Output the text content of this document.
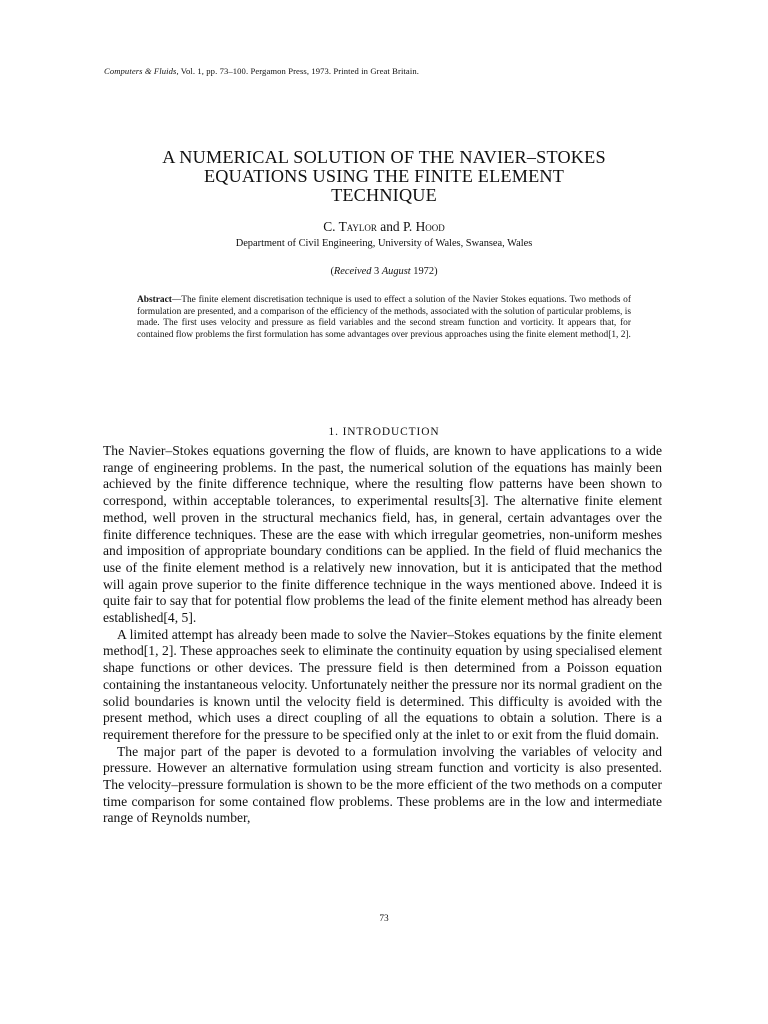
Computers & Fluids, Vol. 1, pp. 73–100. Pergamon Press, 1973. Printed in Great Britain.
A NUMERICAL SOLUTION OF THE NAVIER–STOKES
EQUATIONS USING THE FINITE ELEMENT
TECHNIQUE
C. Taylor and P. Hood
Department of Civil Engineering, University of Wales, Swansea, Wales
(Received 3 August 1972)
Abstract—The finite element discretisation technique is used to effect a solution of the Navier Stokes equations. Two methods of formulation are presented, and a comparison of the efficiency of the methods, associated with the solution of particular problems, is made. The first uses velocity and pressure as field variables and the second stream function and vorticity. It appears that, for contained flow problems the first formulation has some advantages over previous approaches using the finite element method[1, 2].
1. INTRODUCTION

The Navier–Stokes equations governing the flow of fluids, are known to have applications to a wide range of engineering problems. In the past, the numerical solution of the equations has mainly been achieved by the finite difference technique, where the resulting flow patterns have been shown to correspond, within acceptable tolerances, to experimental results[3]. The alternative finite element method, well proven in the structural mechanics field, has, in general, certain advantages over the finite difference techniques. These are the ease with which irregular geometries, non-uniform meshes and imposition of appropriate boundary conditions can be applied. In the field of fluid mechanics the use of the finite element method is a relatively new innovation, but it is anticipated that the method will again prove superior to the finite difference technique in the ways mentioned above. Indeed it is quite fair to say that for potential flow problems the lead of the finite element method has already been established[4, 5].

A limited attempt has already been made to solve the Navier–Stokes equations by the finite element method[1, 2]. These approaches seek to eliminate the continuity equation by using specialised element shape functions or other devices. The pressure field is then determined from a Poisson equation containing the instantaneous velocity. Unfortunately neither the pressure nor its normal gradient on the solid boundaries is known until the velocity field is determined. This difficulty is avoided with the present method, which uses a direct coupling of all the equations to obtain a solution. There is a requirement therefore for the pressure to be specified only at the inlet to or exit from the fluid domain.

The major part of the paper is devoted to a formulation involving the variables of velocity and pressure. However an alternative formulation using stream function and vorticity is also presented. The velocity–pressure formulation is shown to be the more efficient of the two methods on a computer time comparison for some contained flow problems. These problems are in the low and intermediate range of Reynolds number,

73
